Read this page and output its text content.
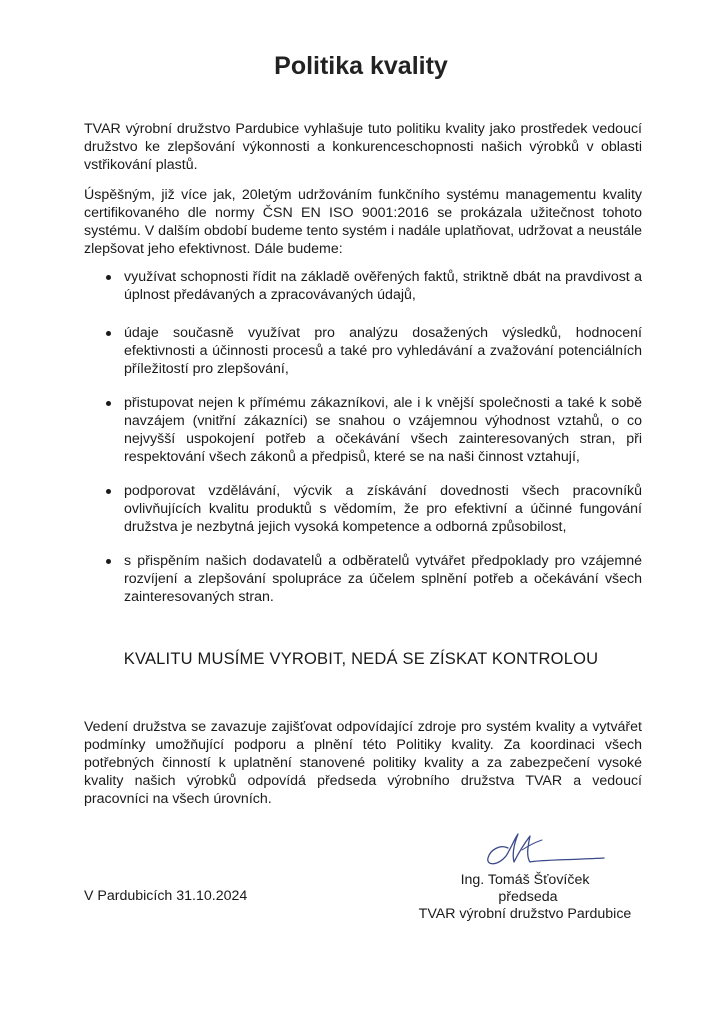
Politika kvality

TVAR výrobní družstvo Pardubice vyhlašuje tuto politiku kvality jako prostředek vedoucí družstvo ke zlepšování výkonnosti a konkurenceschopnosti našich výrobků v oblasti vstřikování plastů.

Úspěšným, již více jak, 20letým udržováním funkčního systému managementu kvality certifikovaného dle normy ČSN EN ISO 9001:2016 se prokázala užitečnost tohoto systému. V dalším období budeme tento systém i nadále uplatňovat, udržovat a neustále zlepšovat jeho efektivnost. Dále budeme:

využívat schopnosti řídit na základě ověřených faktů, striktně dbát na pravdivost a úplnost předávaných a zpracovávaných údajů,
údaje současně využívat pro analýzu dosažených výsledků, hodnocení efektivnosti a účinnosti procesů a také pro vyhledávání a zvažování potenciálních příležitostí pro zlepšování,
přistupovat nejen k přímému zákazníkovi, ale i k vnější společnosti a také k sobě navzájem (vnitřní zákazníci) se snahou o vzájemnou výhodnost vztahů, o co nejvyšší uspokojení potřeb a očekávání všech zainteresovaných stran, při respektování všech zákonů a předpisů, které se na naši činnost vztahují,
podporovat vzdělávání, výcvik a získávání dovednosti všech pracovníků ovlivňujících kvalitu produktů s vědomím, že pro efektivní a účinné fungování družstva je nezbytná jejich vysoká kompetence a odborná způsobilost,
s přispěním našich dodavatelů a odběratelů vytvářet předpoklady pro vzájemné rozvíjení a zlepšování spolupráce za účelem splnění potřeb a očekávání všech zainteresovaných stran.
KVALITU MUSÍME VYROBIT, NEDÁ SE ZÍSKAT KONTROLOU

Vedení družstva se zavazuje zajišťovat odpovídající zdroje pro systém kvality a vytvářet podmínky umožňující podporu a plnění této Politiky kvality. Za koordinaci všech potřebných činností k uplatnění stanovené politiky kvality a za zabezpečení vysoké kvality našich výrobků odpovídá předseda výrobního družstva TVAR a vedoucí pracovníci na všech úrovních.

V Pardubicích 31.10.2024
Ing. Tomáš Šťovíček
předseda
TVAR výrobní družstvo Pardubice
